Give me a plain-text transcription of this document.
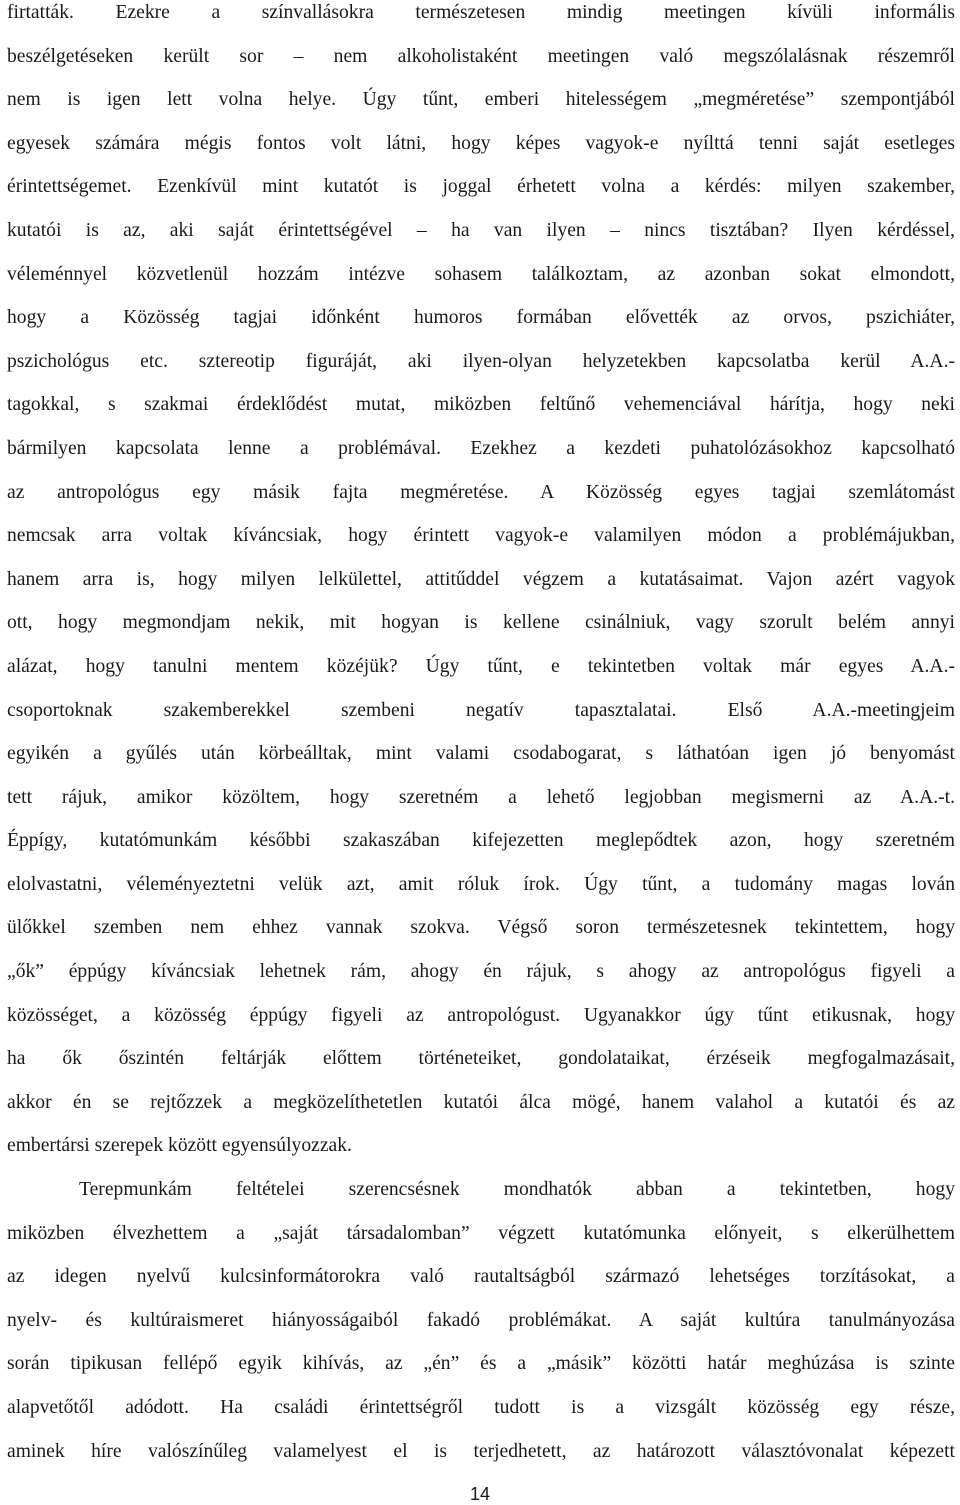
firtatták. Ezekre a színvallásokra természetesen mindig meetingen kívüli informális
beszélgetéseken került sor – nem alkoholistaként meetingen való megszólalásnak részemről
nem is igen lett volna helye. Úgy tűnt, emberi hitelességem „megméretése” szempontjából
egyesek számára mégis fontos volt látni, hogy képes vagyok-e nyílttá tenni saját esetleges
érintettségemet. Ezenkívül mint kutatót is joggal érhetett volna a kérdés: milyen szakember,
kutatói is az, aki saját érintettségével – ha van ilyen – nincs tisztában? Ilyen kérdéssel,
véleménnyel közvetlenül hozzám intézve sohasem találkoztam, az azonban sokat elmondott,
hogy a Közösség tagjai időnként humoros formában elővették az orvos, pszichiáter,
pszichológus etc. sztereotip figuráját, aki ilyen-olyan helyzetekben kapcsolatba kerül A.A.-
tagokkal, s szakmai érdeklődést mutat, miközben feltűnő vehemenciával hárítja, hogy neki
bármilyen kapcsolata lenne a problémával. Ezekhez a kezdeti puhatolózásokhoz kapcsolható
az antropológus egy másik fajta megméretése. A Közösség egyes tagjai szemlátomást
nemcsak arra voltak kíváncsiak, hogy érintett vagyok-e valamilyen módon a problémájukban,
hanem arra is, hogy milyen lelkülettel, attitűddel végzem a kutatásaimat. Vajon azért vagyok
ott, hogy megmondjam nekik, mit hogyan is kellene csinálniuk, vagy szorult belém annyi
alázat, hogy tanulni mentem közéjük? Úgy tűnt, e tekintetben voltak már egyes A.A.-
csoportoknak szakemberekkel szembeni negatív tapasztalatai. Első A.A.-meetingjeim
egyikén a gyűlés után körbeálltak, mint valami csodabogarat, s láthatóan igen jó benyomást
tett rájuk, amikor közöltem, hogy szeretném a lehető legjobban megismerni az A.A.-t.
Éppígy, kutatómunkám későbbi szakaszában kifejezetten meglepődtek azon, hogy szeretném
elolvastatni, véleményeztetni velük azt, amit róluk írok. Úgy tűnt, a tudomány magas lován
ülőkkel szemben nem ehhez vannak szokva. Végső soron természetesnek tekintettem, hogy
„ők” éppúgy kíváncsiak lehetnek rám, ahogy én rájuk, s ahogy az antropológus figyeli a
közösséget, a közösség éppúgy figyeli az antropológust. Ugyanakkor úgy tűnt etikusnak, hogy
ha ők őszintén feltárják előttem történeteiket, gondolataikat, érzéseik megfogalmazásait,
akkor én se rejtőzzek a megközelíthetetlen kutatói álca mögé, hanem valahol a kutatói és az
embertársi szerepek között egyensúlyozzak.
Terepmunkám feltételei szerencsésnek mondhatók abban a tekintetben, hogy
miközben élvezhettem a „saját társadalomban” végzett kutatómunka előnyeit, s elkerülhettem
az idegen nyelvű kulcsinformátorokra való rautaltságból származó lehetséges torzításokat, a
nyelv- és kultúraismeret hiányosságaiból fakadó problémákat. A saját kultúra tanulmányozása
során tipikusan fellépő egyik kihívás, az „én” és a „másik” közötti határ meghúzása is szinte
alapvetőtől adódott. Ha családi érintettségről tudott is a vizsgált közösség egy része,
aminek híre valószínűleg valamelyest el is terjedhetett, az határozott választóvonalat képezett
14
